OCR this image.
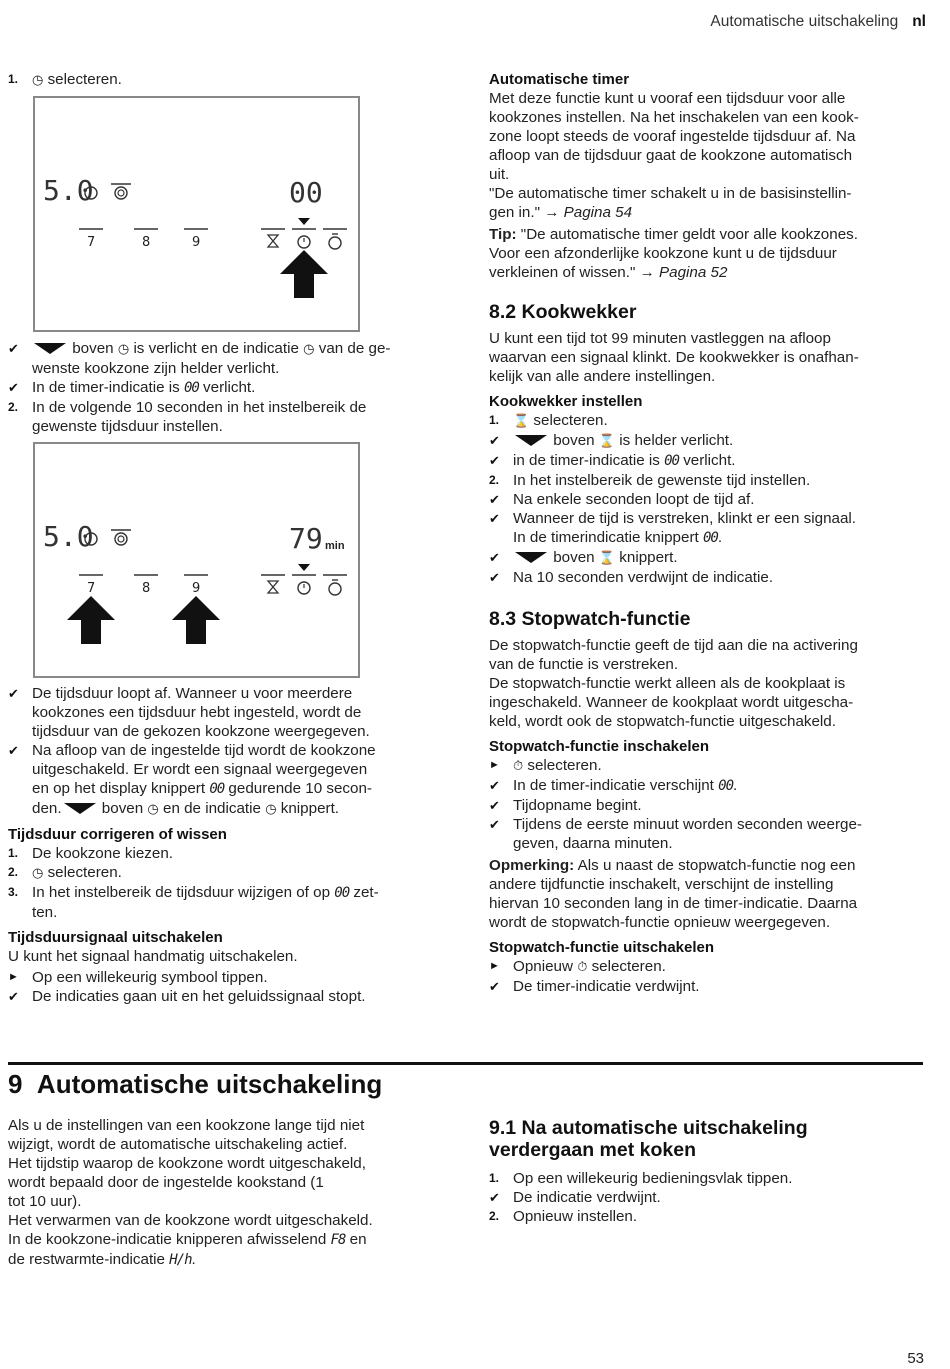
Automatische uitschakeling nl
1.	◷ selecteren.
5.0	00
7	8	9
✔	boven ◷ is verlicht en de indicatie ◷ van de ge-
wenste kookzone zijn helder verlicht.
✔ In de timer-indicatie is 00 verlicht.
2. In de volgende 10 seconden in het instelbereik de
gewenste tijdsduur instellen.
5.0	79 min
7	8	9
✔ De tijdsduur loopt af. Wanneer u voor meerdere
kookzones een tijdsduur hebt ingesteld, wordt de
tijdsduur van de gekozen kookzone weergegeven.
✔ Na afloop van de ingestelde tijd wordt de kookzone
uitgeschakeld. Er wordt een signaal weergegeven
en op het display knippert 00 gedurende 10 secon-
den.	boven ◷ en de indicatie ◷ knippert.

Tijdsduur corrigeren of wissen

1. De kookzone kiezen.
2.	◷ selecteren.
3. In het instelbereik de tijdsduur wijzigen of op 00 zet-
ten.

Tijdsduursignaal uitschakelen

U kunt het signaal handmatig uitschakelen.

► Op een willekeurig symbool tippen.
✔ De indicaties gaan uit en het geluidssignaal stopt.

Automatische timer

Met deze functie kunt u vooraf een tijdsduur voor alle
kookzones instellen. Na het inschakelen van een kook-
zone loopt steeds de vooraf ingestelde tijdsduur af. Na
afloop van de tijdsduur gaat de kookzone automatisch
uit.
"De automatische timer schakelt u in de basisinstellin-
gen in." → Pagina 54

Tip: "De automatische timer geldt voor alle kookzones.
Voor een afzonderlijke kookzone kunt u de tijdsduur
verkleinen of wissen." → Pagina 52

8.2 Kookwekker

U kunt een tijd tot 99 minuten vastleggen na afloop
waarvan een signaal klinkt. De kookwekker is onafhan-
kelijk van alle andere instellingen.

Kookwekker instellen

1.	⌛ selecteren.
✔	boven ⌛ is helder verlicht.
✔ in de timer-indicatie is 00 verlicht.
2. In het instelbereik de gewenste tijd instellen.
✔ Na enkele seconden loopt de tijd af.
✔ Wanneer de tijd is verstreken, klinkt er een signaal.
In de timerindicatie knippert 00.
✔	boven ⌛ knippert.
✔ Na 10 seconden verdwijnt de indicatie.

8.3 Stopwatch-functie

De stopwatch-functie geeft de tijd aan die na activering
van de functie is verstreken.
De stopwatch-functie werkt alleen als de kookplaat is
ingeschakeld. Wanneer de kookplaat wordt uitgescha-
keld, wordt ook de stopwatch-functie uitgeschakeld.

Stopwatch-functie inschakelen

►	⏱ selecteren.
✔ In de timer-indicatie verschijnt 00.
✔ Tijdopname begint.
✔ Tijdens de eerste minuut worden seconden weerge-
geven, daarna minuten.

Opmerking: Als u naast de stopwatch-functie nog een
andere tijdfunctie inschakelt, verschijnt de instelling
hiervan 10 seconden lang in de timer-indicatie. Daarna
wordt de stopwatch-functie opnieuw weergegeven.

Stopwatch-functie uitschakelen

► Opnieuw ⏱ selecteren.
✔ De timer-indicatie verdwijnt.
9 Automatische uitschakeling

Als u de instellingen van een kookzone lange tijd niet
wijzigt, wordt de automatische uitschakeling actief.
Het tijdstip waarop de kookzone wordt uitgeschakeld,
wordt bepaald door de ingestelde kookstand (1
tot 10 uur).
Het verwarmen van de kookzone wordt uitgeschakeld.
In de kookzone-indicatie knipperen afwisselend F8 en
de restwarmte-indicatie H/h.

9.1 Na automatische uitschakeling
verdergaan met koken

1. Op een willekeurig bedieningsvlak tippen.
✔ De indicatie verdwijnt.
2. Opnieuw instellen.
53
